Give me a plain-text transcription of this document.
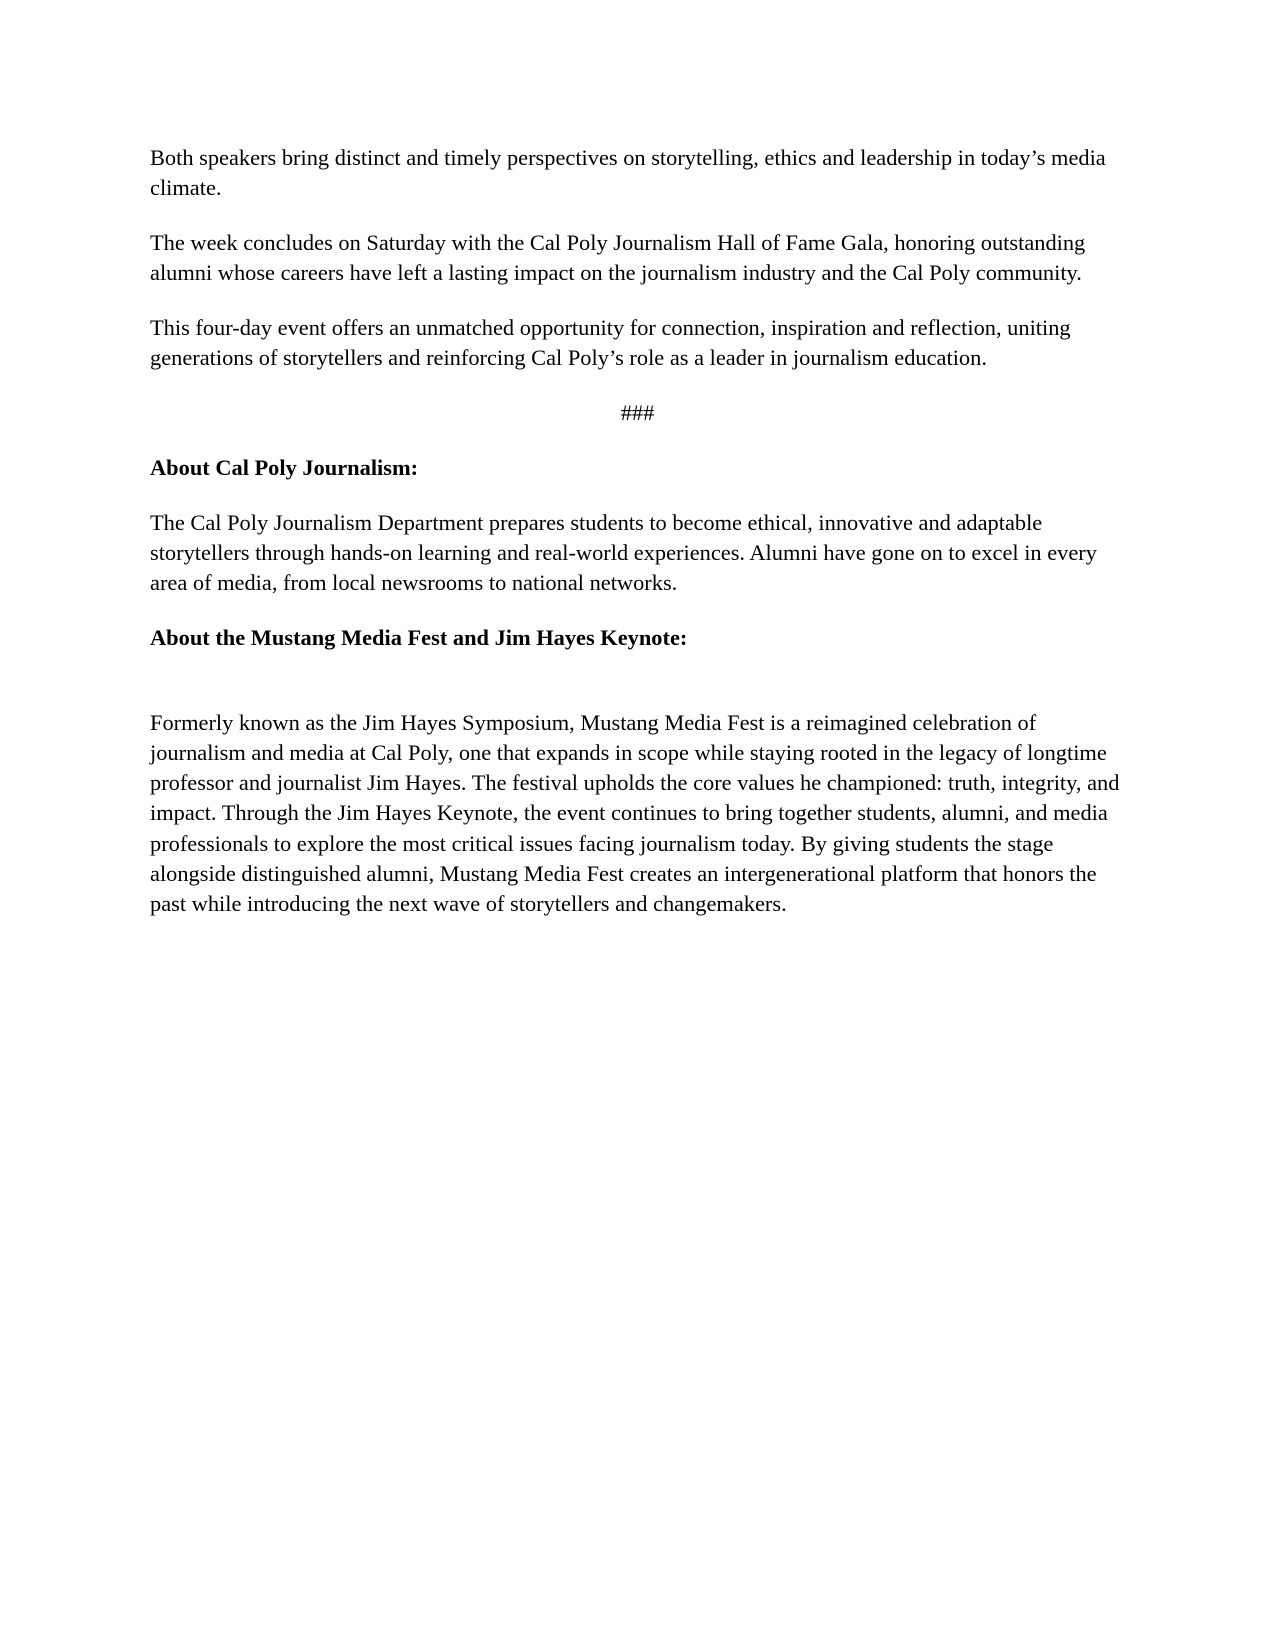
Both speakers bring distinct and timely perspectives on storytelling, ethics and leadership in today’s media climate.

The week concludes on Saturday with the Cal Poly Journalism Hall of Fame Gala, honoring outstanding alumni whose careers have left a lasting impact on the journalism industry and the Cal Poly community.

This four-day event offers an unmatched opportunity for connection, inspiration and reflection, uniting generations of storytellers and reinforcing Cal Poly’s role as a leader in journalism education.

###

About Cal Poly Journalism:

The Cal Poly Journalism Department prepares students to become ethical, innovative and adaptable storytellers through hands-on learning and real-world experiences. Alumni have gone on to excel in every area of media, from local newsrooms to national networks.

About the Mustang Media Fest and Jim Hayes Keynote:

Formerly known as the Jim Hayes Symposium, Mustang Media Fest is a reimagined celebration of journalism and media at Cal Poly, one that expands in scope while staying rooted in the legacy of longtime professor and journalist Jim Hayes. The festival upholds the core values he championed: truth, integrity, and impact. Through the Jim Hayes Keynote, the event continues to bring together students, alumni, and media professionals to explore the most critical issues facing journalism today. By giving students the stage alongside distinguished alumni, Mustang Media Fest creates an intergenerational platform that honors the past while introducing the next wave of storytellers and changemakers.
